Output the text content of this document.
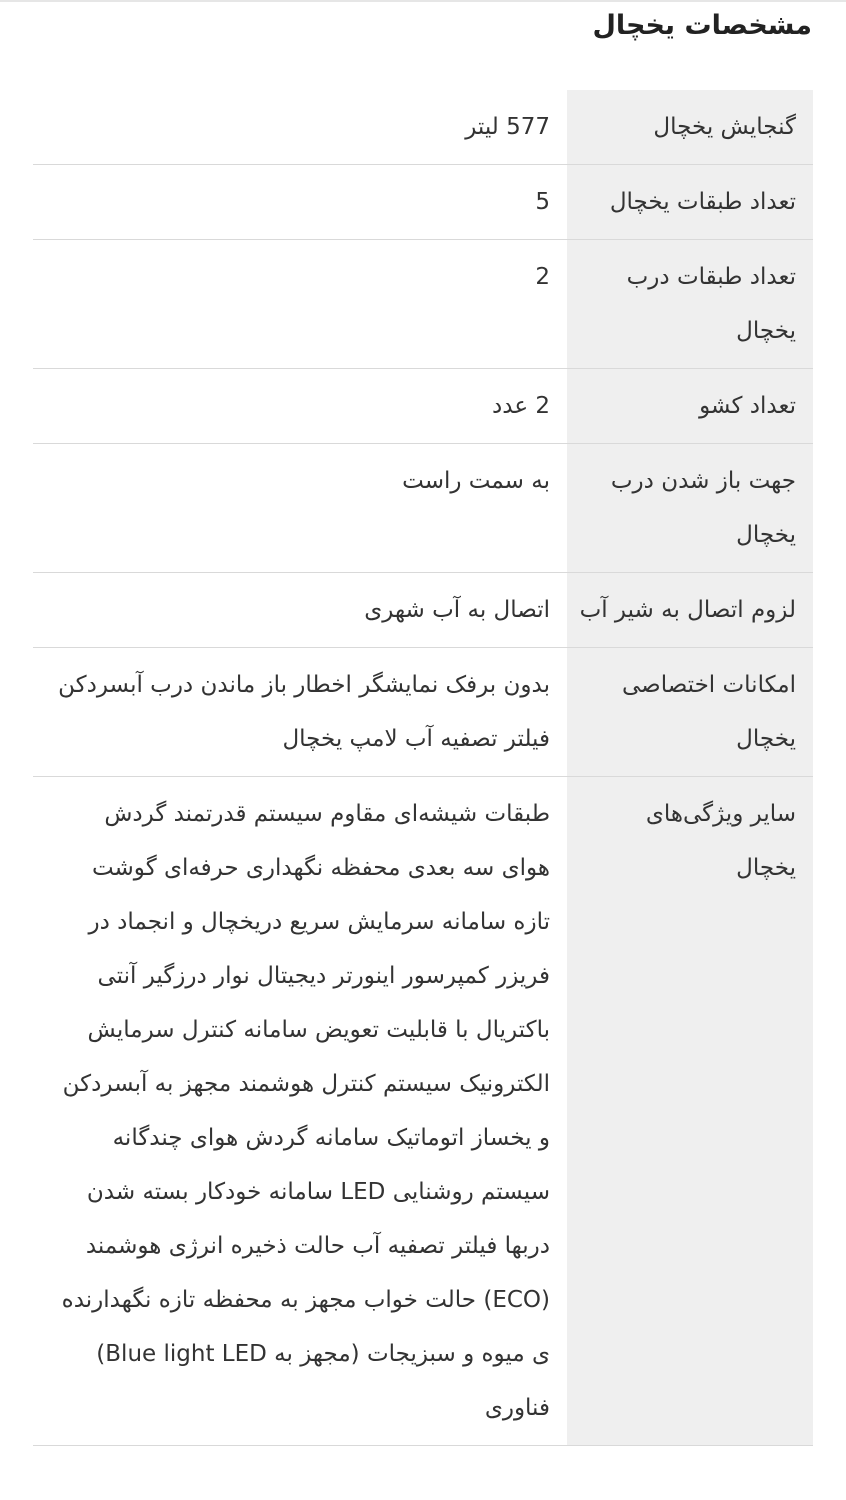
مشخصات یخچال
گنجایش یخچال
577 لیتر
تعداد طبقات یخچال
5
تعداد طبقات درب یخچال
2
تعداد کشو
2 عدد
جهت باز شدن درب یخچال
به سمت راست
لزوم اتصال به شیر آب
اتصال به آب شهری
امکانات اختصاصی یخچال
بدون برفک نمایشگر اخطار باز ماندن درب آبسردکن فیلتر تصفیه آب لامپ یخچال
سایر ویژگی‌های یخچال
طبقات شیشه‌ای مقاوم سیستم قدرتمند گردش هوای سه بعدی محفظه نگهداری حرفه‌ای گوشت تازه سامانه سرمایش سریع دریخچال و انجماد در فریزر کمپرسور اینورتر دیجیتال نوار درزگیر آنتی باکتریال با قابلیت تعویض سامانه کنترل سرمایش الکترونیک سیستم کنترل هوشمند مجهز به آبسردکن و یخساز اتوماتیک سامانه گردش هوای چندگانه سیستم روشنایی LED سامانه خودکار بسته شدن دربها فیلتر تصفیه آب حالت ذخیره انرژی هوشمند (ECO) حالت خواب مجهز به محفظه تازه نگهدارنده ی میوه و سبزیجات (مجهز به Blue light LED) فناوری
